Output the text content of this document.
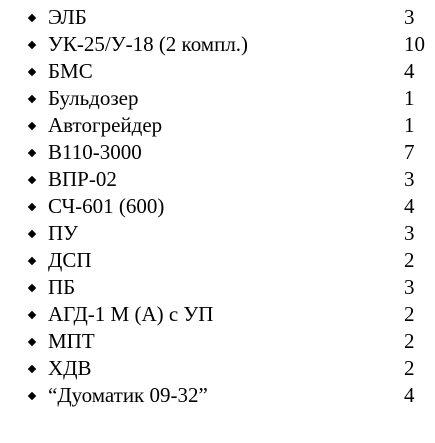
ЭЛБ	3
УК-25/У-18 (2 компл.)	10
БМС	4
Бульдозер	1
Автогрейдер	1
В110-3000	7
ВПР-02	3
СЧ-601 (600)	4
ПУ	3
ДСП	2
ПБ	3
АГД-1 М (А) с УП	2
МПТ	2
ХДВ	2
“Дуоматик 09-32”	4
